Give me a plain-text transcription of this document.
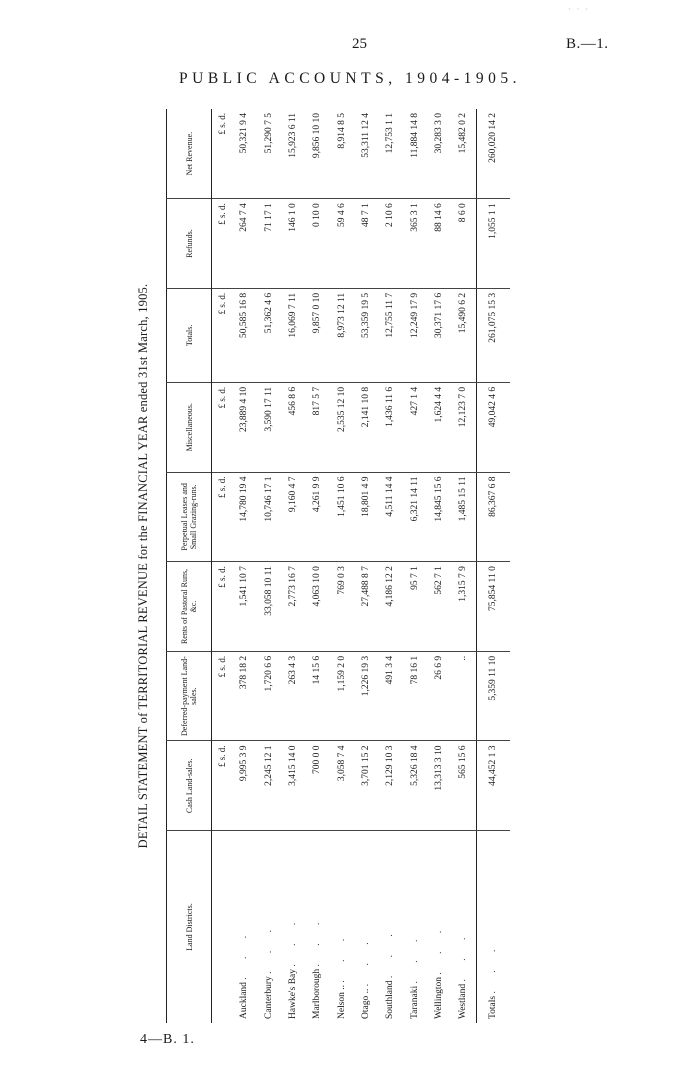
· · ·
25	B.—1.
PUBLIC ACCOUNTS, 1904-1905.
DETAIL STATEMENT of TERRITORIAL REVENUE for the FINANCIAL YEAR ended 31st March, 1905.
Land Districts.	Cash Land-sales.	Deferred-payment Land-sales.	Rents of Pastoral Runs, &c.	Perpetual Leases and Small Grazing-runs.	Miscellaneous.	Totals.	Refunds.	Net Revenue.
	£ s. d.	£ s. d.	£ s. d.	£ s. d.	£ s. d.	£ s. d.	£ s. d.	£ s. d.
Auckland . . .	9,995 3 9	378 18 2	1,541 10 7	14,780 19 4	23,889 4 10	50,585 16 8	264 7 4	50,321 9 4
Canterbury . . .	2,245 12 1	1,720 6 6	33,058 10 11	10,746 17 1	3,590 17 11	51,362 4 6	71 17 1	51,290 7 5
Hawke's Bay . . .	3,415 14 0	263 4 3	2,773 16 7	9,160 4 7	456 8 6	16,069 7 11	146 1 0	15,923 6 11
Marlborough . . .	700 0 0	14 15 6	4,063 10 0	4,261 9 9	817 5 7	9,857 0 10	0 10 0	9,856 10 10
Nelson .. . . .	3,058 7 4	1,159 2 0	769 0 3	1,451 10 6	2,535 12 10	8,973 12 11	59 4 6	8,914 8 5
Otago .. . . .	3,701 15 2	1,226 19 3	27,488 8 7	18,801 4 9	2,141 10 8	53,359 19 5	48 7 1	53,311 12 4
Southland . . .	2,129 10 3	491 3 4	4,186 12 2	4,511 14 4	1,436 11 6	12,755 11 7	2 10 6	12,753 1 1
Taranaki . . .	5,326 18 4	78 16 1	95 7 1	6,321 14 11	427 1 4	12,249 17 9	365 3 1	11,884 14 8
Wellington . . .	13,313 3 10	26 6 9	562 7 1	14,845 15 6	1,624 4 4	30,371 17 6	88 14 6	30,283 3 0
Westland . . .	565 15 6	..	1,315 7 9	1,485 15 11	12,123 7 0	15,490 6 2	8 6 0	15,482 0 2
Totals . . .	44,452 1 3	5,359 11 10	75,854 11 0	86,367 6 8	49,042 4 6	261,075 15 3	1,055 1 1	260,020 14 2
4—B. 1.
